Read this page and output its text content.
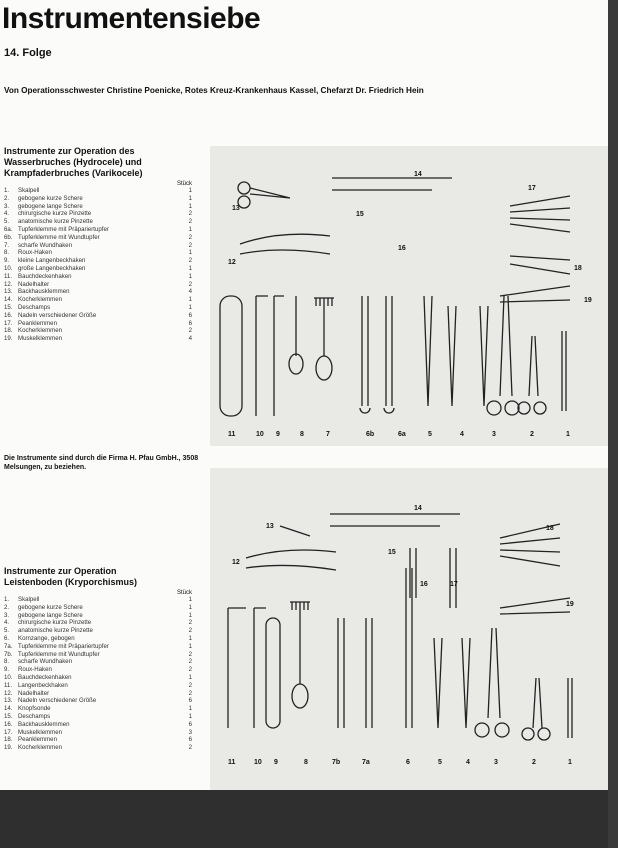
Instrumentensiebe
14. Folge
Von Operationsschwester Christine Poenicke, Rotes Kreuz-Krankenhaus Kassel, Chefarzt Dr. Friedrich Hein
Instrumente zur Operation des
Wasserbruches (Hydrocele) und
Krampfaderbruches (Varikocele)
Stück
1.	Skalpell	1
2.	gebogene kurze Schere	1
3.	gebogene lange Schere	1
4.	chirurgische kurze Pinzette	2
5.	anatomische kurze Pinzette	2
6a. Tupferklemme mit Präpariertupfer	1
6b. Tupferklemme mit Wundtupfer	2
7.	scharfe Wundhaken	2
8.	Roux-Haken	1
9.	kleine Langenbeckhaken	2
10. große Langenbeckhaken	1
11. Bauchdeckenhaken	1
12. Nadelhalter	2
13. Backhausklemmen	4
14. Kocherklemmen	1
15. Deschamps	1
16. Nadeln verschiedener Größe	6
17. Peanklemmen	6
18. Kocherklemmen	2
19. Muskelklemmen	4
Die Instrumente sind durch die Firma H. Pfau GmbH., 3508 Melsungen, zu beziehen.
Instrumente zur Operation
Leistenboden (Kryporchismus)
Stück
1.	Skalpell	1
2.	gebogene kurze Schere	1
3.	gebogene lange Schere	1
4.	chirurgische kurze Pinzette	2
5.	anatomische kurze Pinzette	2
6.	Kornzange, gebogen	1
7a. Tupferklemme mit Präpariertupfer	1
7b. Tupferklemme mit Wundtupfer	2
8.	scharfe Wundhaken	2
9.	Roux-Haken	2
10. Bauchdeckenhaken	1
11. Langenbeckhaken	2
12. Nadelhalter	2
13. Nadeln verschiedener Größe	6
14. Knopfsonde	1
15. Deschamps	1
16. Backhausklemmen	6
17. Muskelklemmen	3
18. Peanklemmen	6
19. Kocherklemmen	2
11	10 9	8	7	6b	6a	5	4	3	2	1
12
13
14
15
16
17
18
19
11	10 9	8	7b	7a	6	5	4	3	2	1
12
13
14
15
16	17
18
19
